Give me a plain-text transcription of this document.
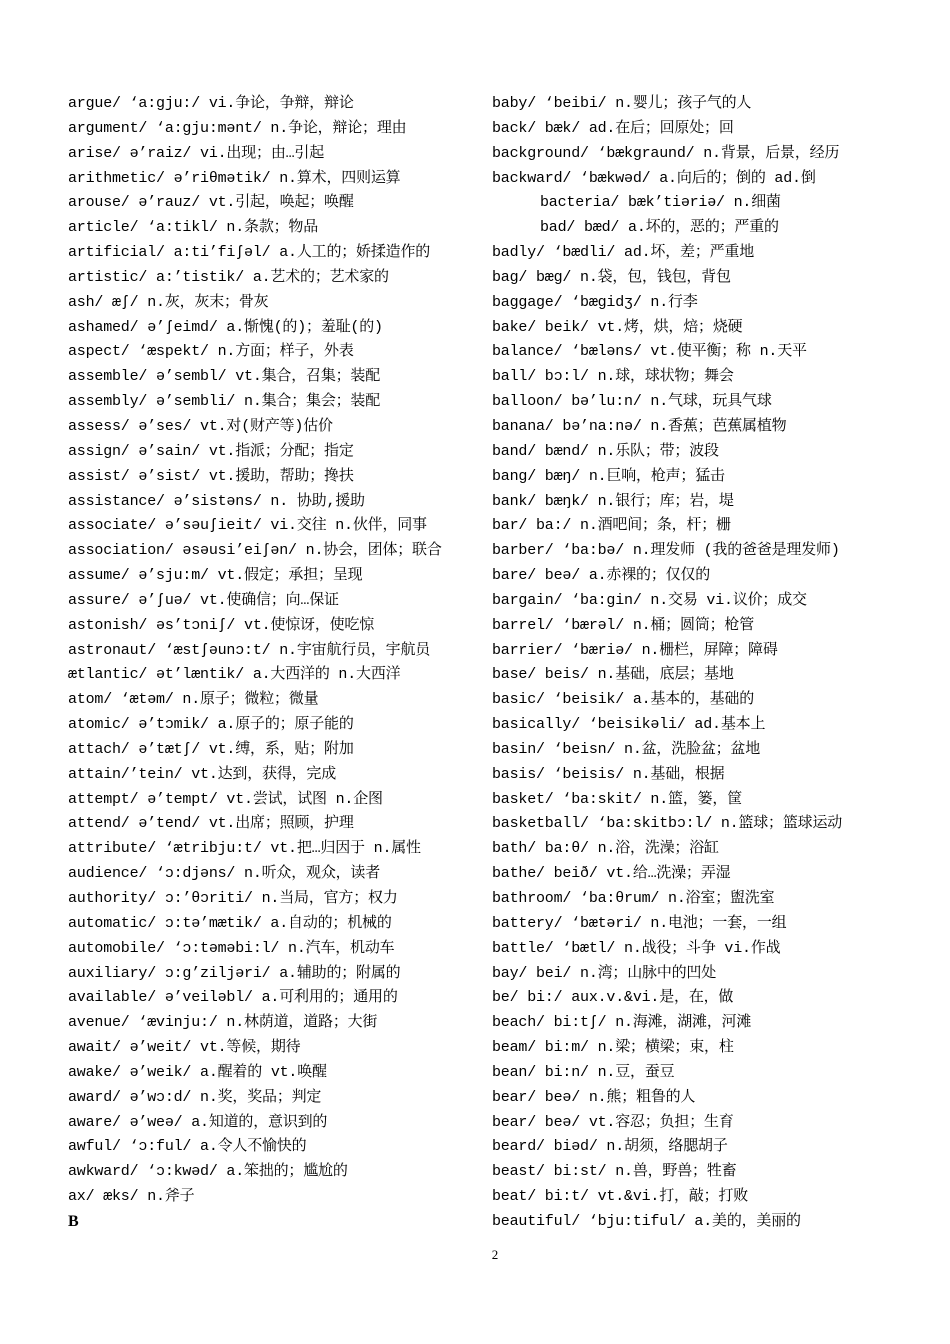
argue/ ‘a:gju:/ vi.争论，争辩，辩论
argument/ ‘a:gju:mənt/ n.争论，辩论；理由
arise/ ə’raiz/ vi.出现；由…引起
arithmetic/ ə’riθmətik/ n.算术，四则运算
arouse/ ə’rauz/ vt.引起，唤起；唤醒
article/ ‘a:tikl/ n.条款；物品
artificial/ a:ti’fiʃəl/ a.人工的；娇揉造作的
artistic/ a:’tistik/ a.艺术的；艺术家的
ash/ æʃ/ n.灰，灰末；骨灰
ashamed/ ə’ʃeimd/ a.惭愧(的)；羞耻(的)
aspect/ ‘æspekt/ n.方面；样子，外表
assemble/ ə’sembl/ vt.集合，召集；装配
assembly/ ə’sembli/ n.集合；集会；装配
assess/ ə’ses/ vt.对(财产等)估价
assign/ ə’sain/ vt.指派；分配；指定
assist/ ə’sist/ vt.援助，帮助；搀扶
assistance/ ə’sistəns/ n. 协助,援助
associate/ ə’səuʃieit/ vi.交往 n.伙伴，同事
association/ əsəusi’eiʃən/ n.协会，团体；联合
assume/ ə’sju:m/ vt.假定；承担；呈现
assure/ ə’ʃuə/ vt.使确信；向…保证
astonish/ əs’tɔniʃ/ vt.使惊讶，使吃惊
astronaut/ ‘æstʃəunɔ:t/ n.宇宙航行员，宇航员
ætlantic/ ət’læntik/ a.大西洋的 n.大西洋
atom/ ‘ætəm/ n.原子；微粒；微量
atomic/ ə’tɔmik/ a.原子的；原子能的
attach/ ə’tætʃ/ vt.缚，系，贴；附加
attain/’tein/ vt.达到，获得，完成
attempt/ ə’tempt/ vt.尝试，试图 n.企图
attend/ ə’tend/ vt.出席；照顾，护理
attribute/ ‘ætribju:t/ vt.把…归因于 n.属性
audience/ ‘ɔ:djəns/ n.听众，观众，读者
authority/ ɔ:’θɔriti/ n.当局，官方；权力
automatic/ ɔ:tə’mætik/ a.自动的；机械的
automobile/ ‘ɔ:təməbi:l/ n.汽车，机动车
auxiliary/ ɔ:g’ziljəri/ a.辅助的；附属的
available/ ə’veiləbl/ a.可利用的；通用的
avenue/ ‘ævinju:/ n.林荫道，道路；大街
await/ ə’weit/ vt.等候，期待
awake/ ə’weik/ a.醒着的 vt.唤醒
award/ ə’wɔ:d/ n.奖，奖品；判定
aware/ ə’weə/ a.知道的，意识到的
awful/ ‘ɔ:ful/ a.令人不愉快的
awkward/ ‘ɔ:kwəd/ a.笨拙的；尴尬的
ax/ æks/ n.斧子
B
baby/ ‘beibi/ n.婴儿；孩子气的人
back/ bæk/ ad.在后；回原处；回
background/ ‘bækgraund/ n.背景，后景，经历
backward/ ‘bækwəd/ a.向后的；倒的 ad.倒
bacteria/ bæk’tiəriə/ n.细菌
bad/ bæd/ a.坏的，恶的；严重的
badly/ ‘bædli/ ad.坏，差；严重地
bag/ bæg/ n.袋，包，钱包，背包
baggage/ ‘bægidʒ/ n.行李
bake/ beik/ vt.烤，烘，焙；烧硬
balance/ ‘bæləns/ vt.使平衡；称 n.天平
ball/ bɔ:l/ n.球，球状物；舞会
balloon/ bə’lu:n/ n.气球，玩具气球
banana/ bə’na:nə/ n.香蕉；芭蕉属植物
band/ bænd/ n.乐队；带；波段
bang/ bæŋ/ n.巨响，枪声；猛击
bank/ bæŋk/ n.银行；库；岩，堤
bar/ ba:/ n.酒吧间；条，杆；栅
barber/ ‘ba:bə/ n.理发师 (我的爸爸是理发师)
bare/ beə/ a.赤裸的；仅仅的
bargain/ ‘ba:gin/ n.交易 vi.议价；成交
barrel/ ‘bærəl/ n.桶；圆筒；枪管
barrier/ ‘bæriə/ n.栅栏，屏障；障碍
base/ beis/ n.基础，底层；基地
basic/ ‘beisik/ a.基本的，基础的
basically/ ‘beisikəli/ ad.基本上
basin/ ‘beisn/ n.盆，洗脸盆；盆地
basis/ ‘beisis/ n.基础，根据
basket/ ‘ba:skit/ n.篮，篓，筐
basketball/ ‘ba:skitbɔ:l/ n.篮球；篮球运动
bath/ ba:θ/ n.浴，洗澡；浴缸
bathe/ beið/ vt.给…洗澡；弄湿
bathroom/ ‘ba:θrum/ n.浴室；盥洗室
battery/ ‘bætəri/ n.电池；一套，一组
battle/ ‘bætl/ n.战役；斗争 vi.作战
bay/ bei/ n.湾；山脉中的凹处
be/ bi:/ aux.v.&vi.是，在，做
beach/ bi:tʃ/ n.海滩，湖滩，河滩
beam/ bi:m/ n.梁；横梁；束，柱
bean/ bi:n/ n.豆，蚕豆
bear/ beə/ n.熊；粗鲁的人
bear/ beə/ vt.容忍；负担；生育
beard/ biəd/ n.胡须，络腮胡子
beast/ bi:st/ n.兽，野兽；牲畜
beat/ bi:t/ vt.&vi.打，敲；打败
beautiful/ ‘bju:tiful/ a.美的，美丽的
2
